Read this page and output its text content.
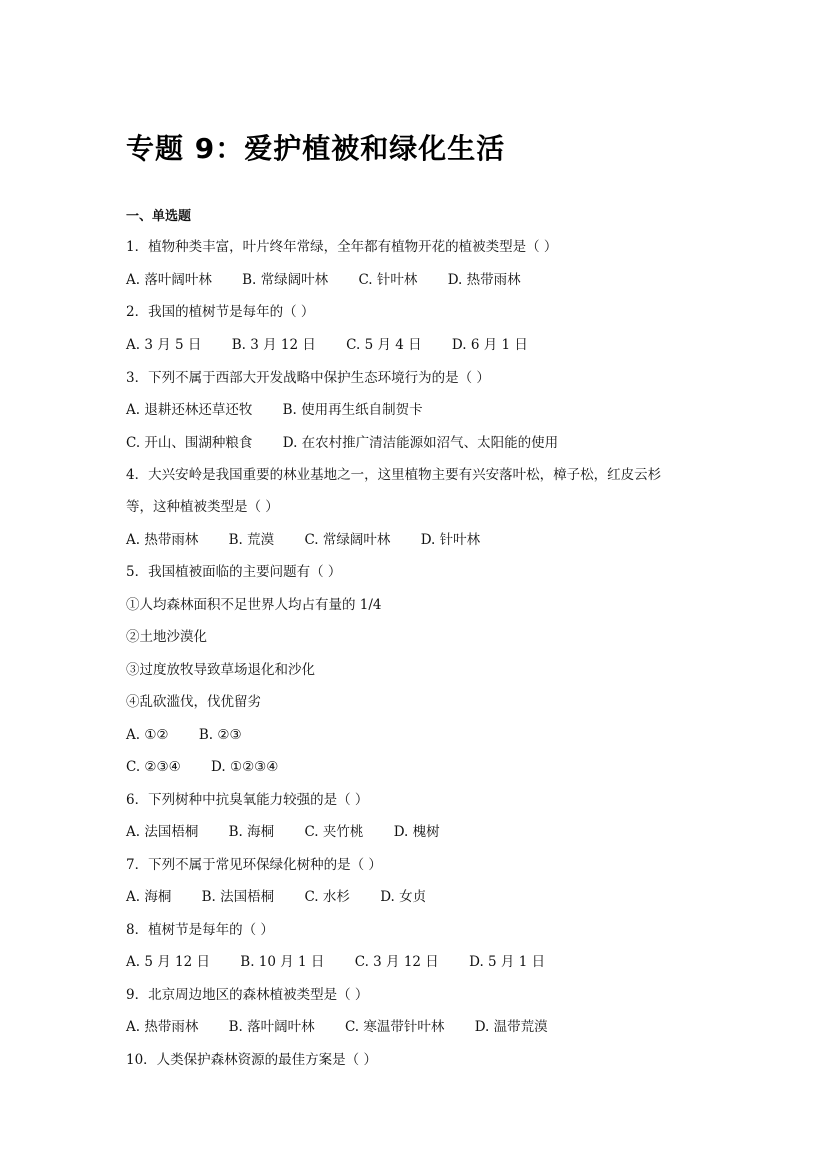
专题 9：爱护植被和绿化生活
一、单选题
1．植物种类丰富，叶片终年常绿，全年都有植物开花的植被类型是（ ）
A. 落叶阔叶林 B. 常绿阔叶林 C. 针叶林 D. 热带雨林
2．我国的植树节是每年的（ ）
A. 3 月 5 日 B. 3 月 12 日 C. 5 月 4 日 D. 6 月 1 日
3．下列不属于西部大开发战略中保护生态环境行为的是（ ）
A. 退耕还林还草还牧 B. 使用再生纸自制贺卡
C. 开山、围湖种粮食 D. 在农村推广清洁能源如沼气、太阳能的使用
4．大兴安岭是我国重要的林业基地之一，这里植物主要有兴安落叶松，樟子松，红皮云杉
等，这种植被类型是（ ）
A. 热带雨林 B. 荒漠 C. 常绿阔叶林 D. 针叶林
5．我国植被面临的主要问题有（ ）
①人均森林面积不足世界人均占有量的 1/4
②土地沙漠化
③过度放牧导致草场退化和沙化
④乱砍滥伐，伐优留劣
A. ①② B. ②③
C. ②③④ D. ①②③④
6．下列树种中抗臭氧能力较强的是（ ）
A. 法国梧桐 B. 海桐 C. 夹竹桃 D. 槐树
7．下列不属于常见环保绿化树种的是（ ）
A. 海桐 B. 法国梧桐 C. 水杉 D. 女贞
8．植树节是每年的（ ）
A. 5 月 12 日 B. 10 月 1 日 C. 3 月 12 日 D. 5 月 1 日
9．北京周边地区的森林植被类型是（ ）
A. 热带雨林 B. 落叶阔叶林 C. 寒温带针叶林 D. 温带荒漠
10．人类保护森林资源的最佳方案是（ ）
